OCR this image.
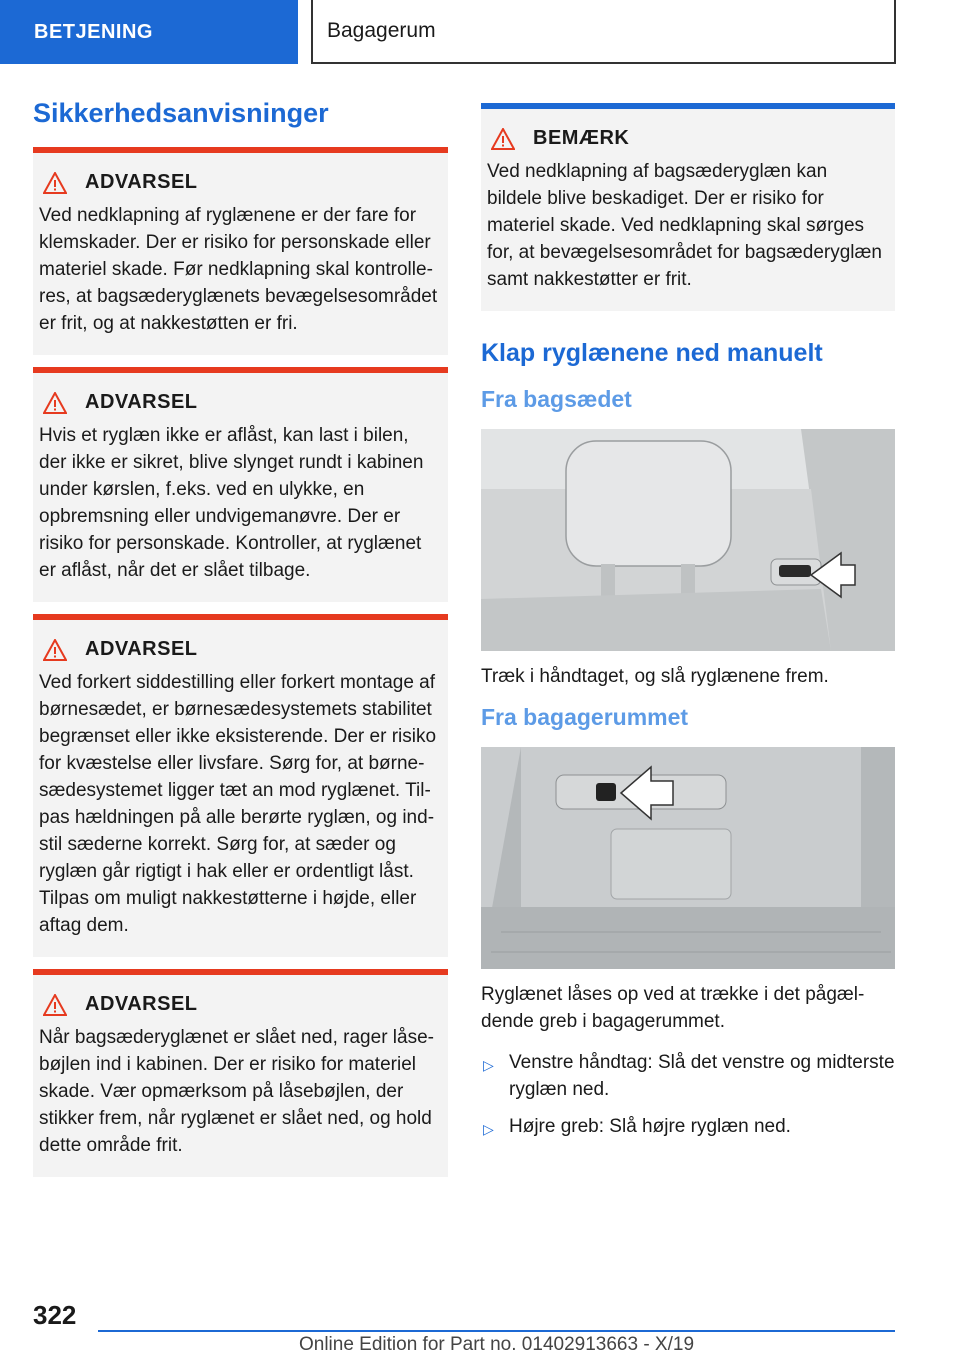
BETJENING	Bagagerum
Sikkerhedsanvisninger
ADVARSEL
Ved nedklapning af ryglænene er der fare for klemskader. Der er risiko for personskade eller materiel skade. Før nedklapning skal kontrolleres, at bagsæderyglænets bevægelsesområdet er frit, og at nakkestøtten er fri.
ADVARSEL
Hvis et ryglæn ikke er aflåst, kan last i bilen, der ikke er sikret, blive slynget rundt i kabinen under kørslen, f.eks. ved en ulykke, en opbremsning eller undvigemanøvre. Der er risiko for personskade. Kontroller, at ryglænet er aflåst, når det er slået tilbage.
ADVARSEL
Ved forkert siddestilling eller forkert montage af børnesædet, er børnesædesystemets stabilitet begrænset eller ikke eksisterende. Der er risiko for kvæstelse eller livsfare. Sørg for, at børnesædesystemet ligger tæt an mod ryglænet. Tilpas hældningen på alle berørte ryglæn, og indstil sæderne korrekt. Sørg for, at sæder og ryglæn går rigtigt i hak eller er ordentligt låst. Tilpas om muligt nakkestøtterne i højde, eller aftag dem.
ADVARSEL
Når bagsæderyglænet er slået ned, rager låsebøjlen ind i kabinen. Der er risiko for materiel skade. Vær opmærksom på låsebøjlen, der stikker frem, når ryglænet er slået ned, og hold dette område frit.
BEMÆRK
Ved nedklapning af bagsæderyglæn kan bildele blive beskadiget. Der er risiko for materiel skade. Ved nedklapning skal sørges for, at bevægelsesområdet for bagsæderyglæn samt nakkestøtter er frit.
Klap ryglænene ned manuelt
Fra bagsædet

Træk i håndtaget, og slå ryglænene frem.

Fra bagagerummet

Ryglænet låses op ved at trække i det pågældende greb i bagagerummet.

▷ Venstre håndtag: Slå det venstre og midterste ryglæn ned.
▷ Højre greb: Slå højre ryglæn ned.
322
Online Edition for Part no. 01402913663 - X/19
